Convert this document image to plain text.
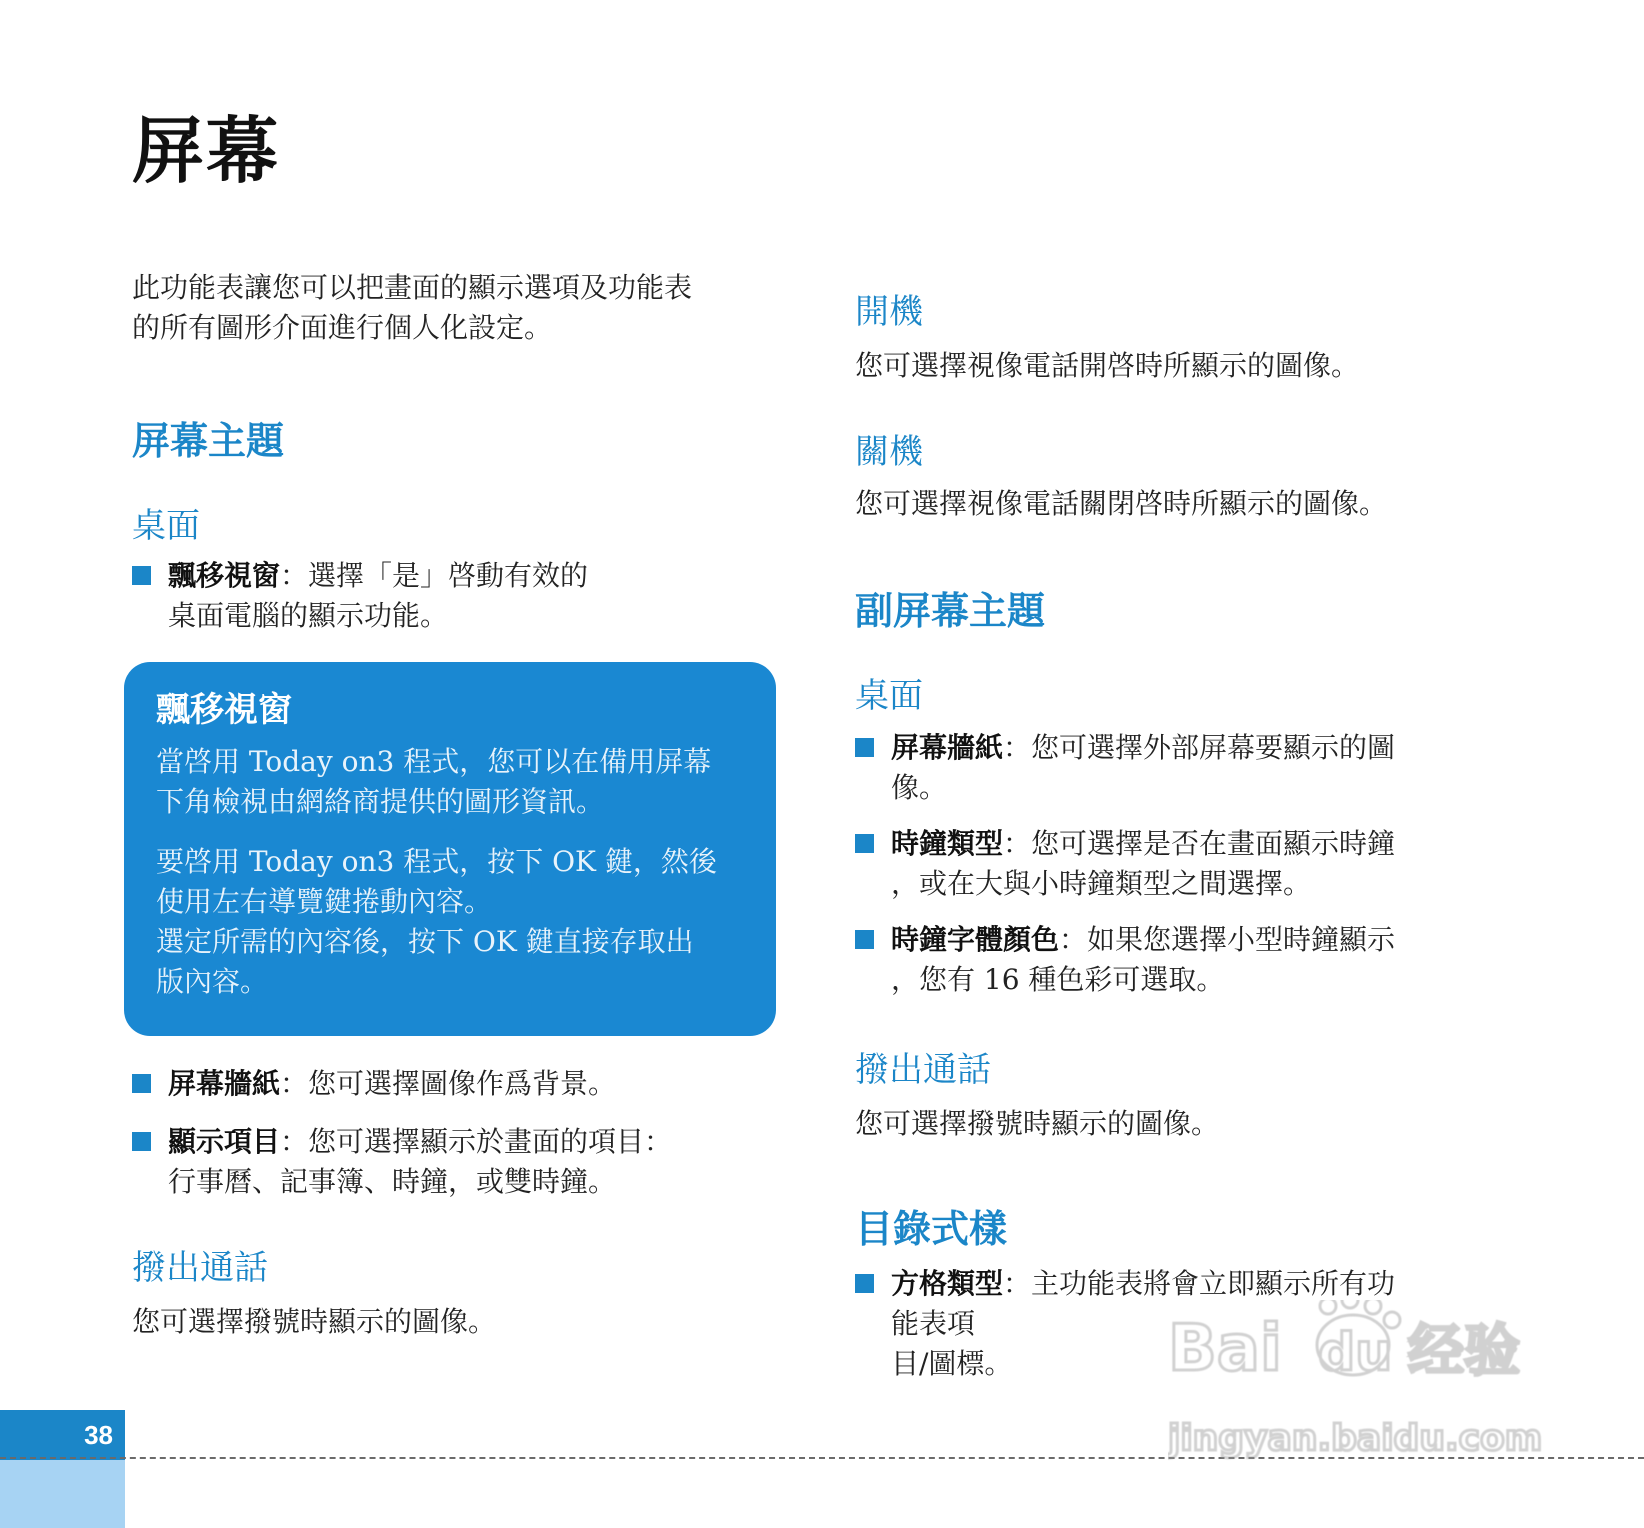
屏幕
此功能表讓您可以把畫面的顯示選項及功能表
的所有圖形介面進行個人化設定。
屏幕主題
桌面
飄移視窗：選擇「是」啓動有效的
桌面電腦的顯示功能。
屏幕牆紙：您可選擇圖像作爲背景。
顯示項目：您可選擇顯示於畫面的項目：
行事曆、記事簿、時鐘，或雙時鐘。
撥出通話
您可選擇撥號時顯示的圖像。
飄移視窗
當啓用 Today on3 程式，您可以在備用屏幕
下角檢視由網絡商提供的圖形資訊。
要啓用 Today on3 程式，按下 OK 鍵，然後
使用左右導覽鍵捲動內容。
選定所需的內容後，按下 OK 鍵直接存取出
版內容。
開機
您可選擇視像電話開啓時所顯示的圖像。
關機
您可選擇視像電話關閉啓時所顯示的圖像。
副屏幕主題
桌面
屏幕牆紙：您可選擇外部屏幕要顯示的圖
像。
時鐘類型：您可選擇是否在畫面顯示時鐘
，或在大與小時鐘類型之間選擇。
時鐘字體顏色：如果您選擇小型時鐘顯示
，您有 16 種色彩可選取。
撥出通話
您可選擇撥號時顯示的圖像。
目錄式樣
方格類型：主功能表將會立即顯示所有功
能表項
目/圖標。
38
Bai du 经验
jingyan.baidu.com
